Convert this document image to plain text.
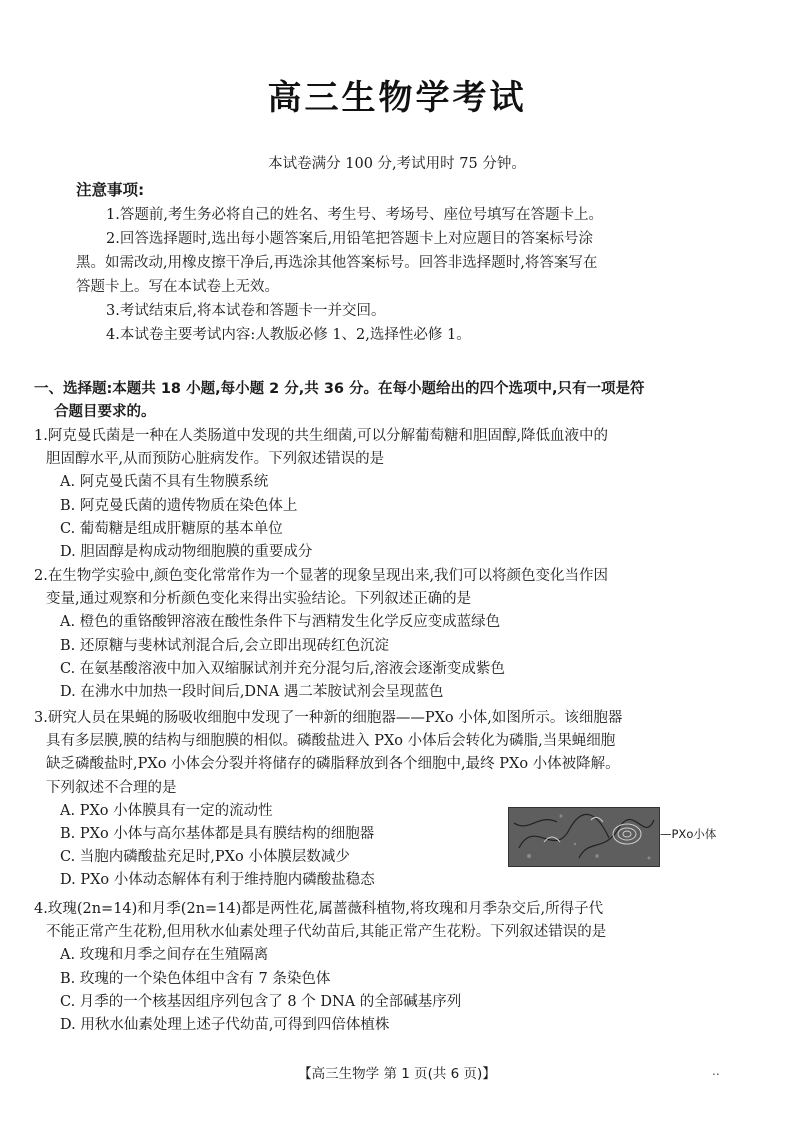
高三生物学考试
本试卷满分 100 分,考试用时 75 分钟。
注意事项:

1.答题前,考生务必将自己的姓名、考生号、考场号、座位号填写在答题卡上。

2.回答选择题时,选出每小题答案后,用铅笔把答题卡上对应题目的答案标号涂

黑。如需改动,用橡皮擦干净后,再选涂其他答案标号。回答非选择题时,将答案写在

答题卡上。写在本试卷上无效。

3.考试结束后,将本试卷和答题卡一并交回。

4.本试卷主要考试内容:人教版必修 1、2,选择性必修 1。

一、选择题:本题共 18 小题,每小题 2 分,共 36 分。在每小题给出的四个选项中,只有一项是符
合题目要求的。

1.阿克曼氏菌是一种在人类肠道中发现的共生细菌,可以分解葡萄糖和胆固醇,降低血液中的

胆固醇水平,从而预防心脏病发作。下列叙述错误的是

A. 阿克曼氏菌不具有生物膜系统

B. 阿克曼氏菌的遗传物质在染色体上

C. 葡萄糖是组成肝糖原的基本单位

D. 胆固醇是构成动物细胞膜的重要成分

2.在生物学实验中,颜色变化常常作为一个显著的现象呈现出来,我们可以将颜色变化当作因

变量,通过观察和分析颜色变化来得出实验结论。下列叙述正确的是

A. 橙色的重铬酸钾溶液在酸性条件下与酒精发生化学反应变成蓝绿色

B. 还原糖与斐林试剂混合后,会立即出现砖红色沉淀

C. 在氨基酸溶液中加入双缩脲试剂并充分混匀后,溶液会逐渐变成紫色

D. 在沸水中加热一段时间后,DNA 遇二苯胺试剂会呈现蓝色

3.研究人员在果蝇的肠吸收细胞中发现了一种新的细胞器——PXo 小体,如图所示。该细胞器

具有多层膜,膜的结构与细胞膜的相似。磷酸盐进入 PXo 小体后会转化为磷脂,当果蝇细胞

缺乏磷酸盐时,PXo 小体会分裂并将储存的磷脂释放到各个细胞中,最终 PXo 小体被降解。

下列叙述不合理的是

A. PXo 小体膜具有一定的流动性

B. PXo 小体与高尔基体都是具有膜结构的细胞器

C. 当胞内磷酸盐充足时,PXo 小体膜层数减少

D. PXo 小体动态解体有利于维持胞内磷酸盐稳态

—PXo小体

4.玫瑰(2n=14)和月季(2n=14)都是两性花,属蔷薇科植物,将玫瑰和月季杂交后,所得子代

不能正常产生花粉,但用秋水仙素处理子代幼苗后,其能正常产生花粉。下列叙述错误的是

A. 玫瑰和月季之间存在生殖隔离

B. 玫瑰的一个染色体组中含有 7 条染色体

C. 月季的一个核基因组序列包含了 8 个 DNA 的全部碱基序列

D. 用秋水仙素处理上述子代幼苗,可得到四倍体植株

【高三生物学 第 1 页(共 6 页)】	..
